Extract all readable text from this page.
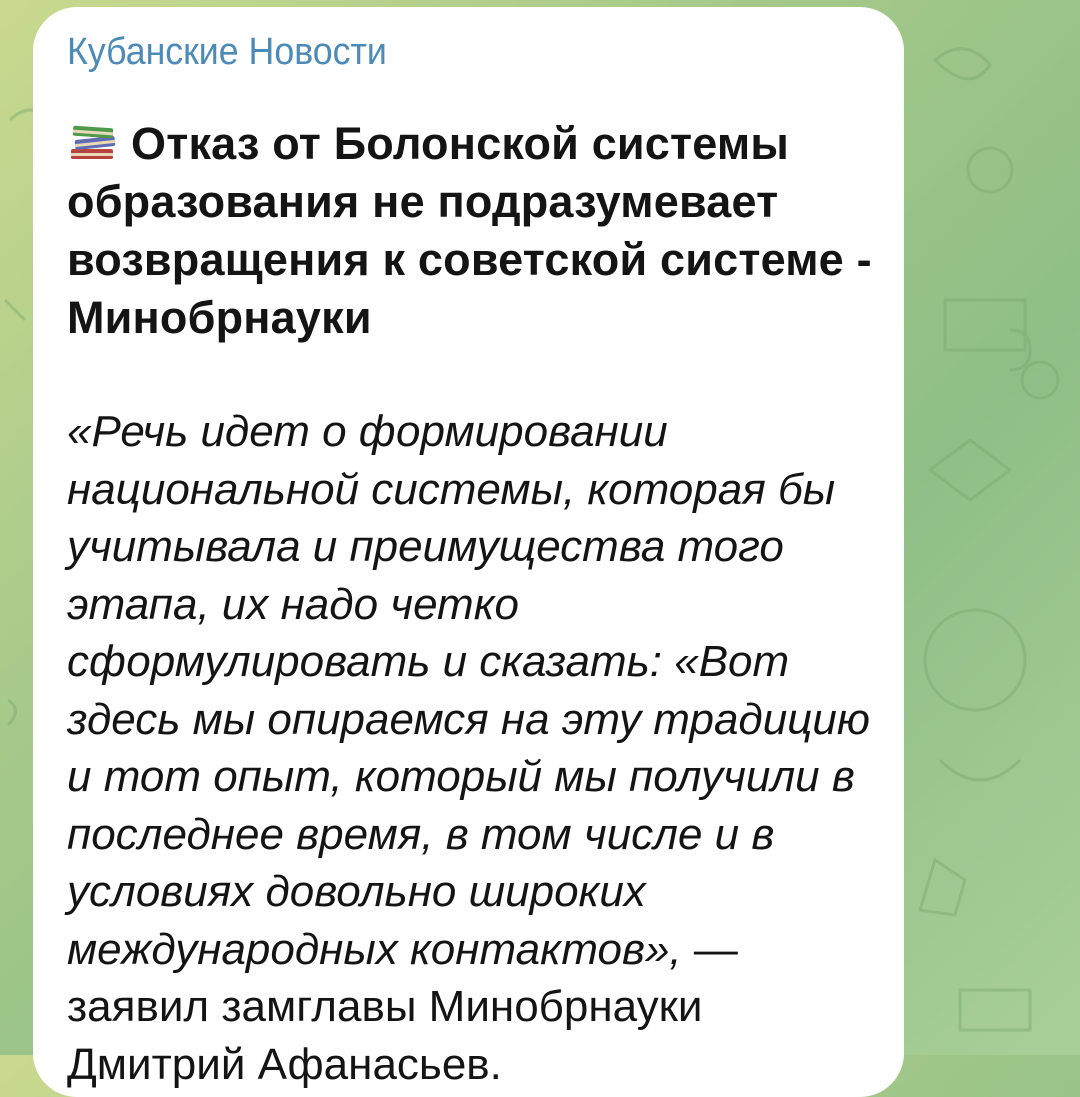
Кубанские Новости
Отказ от Болонской системы образования не подразумевает возвращения к советской системе - Минобрнауки
«Речь идет о формировании национальной системы, которая бы учитывала и преимущества того этапа, их надо четко сформулировать и сказать: «Вот здесь мы опираемся на эту традицию и тот опыт, который мы получили в последнее время, в том числе и в условиях довольно широких международных контактов», — заявил замглавы Минобрнауки Дмитрий Афанасьев.
